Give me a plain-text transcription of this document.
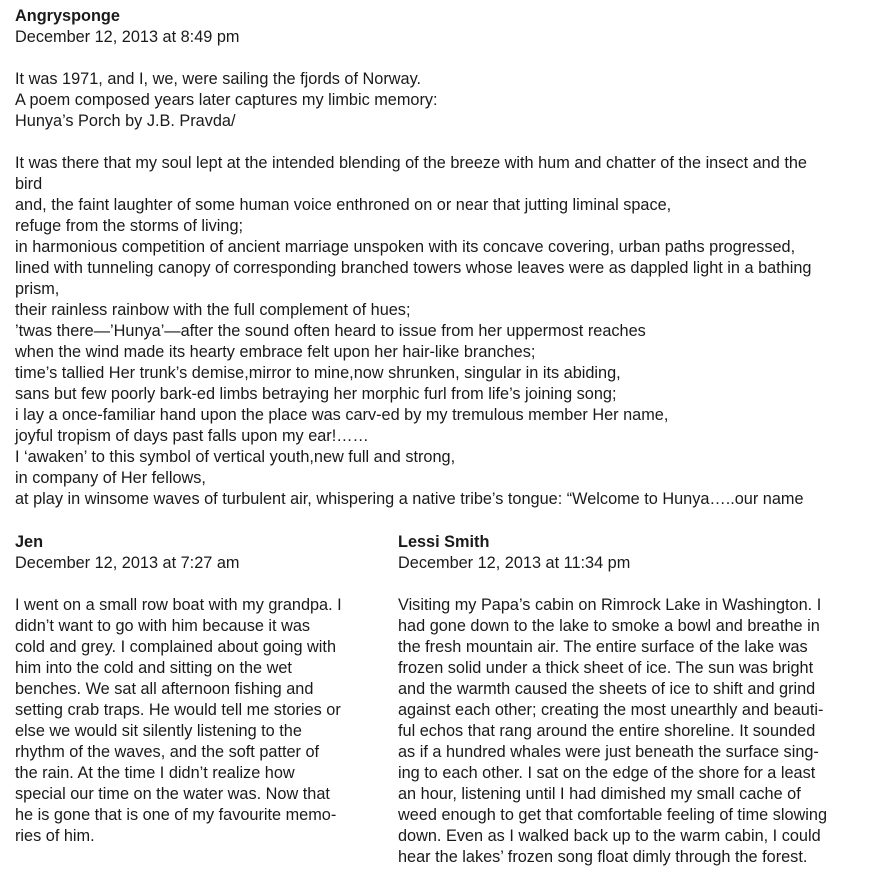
Angrysponge
December 12, 2013 at 8:49 pm
It was 1971, and I, we, were sailing the fjords of Norway.
A poem composed years later captures my limbic memory:
Hunya’s Porch by J.B. Pravda/
It was there that my soul lept at the intended blending of the breeze with hum and chatter of the insect and the
bird
and, the faint laughter of some human voice enthroned on or near that jutting liminal space,
refuge from the storms of living;
in harmonious competition of ancient marriage unspoken with its concave covering, urban paths progressed,
lined with tunneling canopy of corresponding branched towers whose leaves were as dappled light in a bathing
prism,
their rainless rainbow with the full complement of hues;
’twas there—’Hunya’—after the sound often heard to issue from her uppermost reaches
when the wind made its hearty embrace felt upon her hair-like branches;
time’s tallied Her trunk’s demise,mirror to mine,now shrunken, singular in its abiding,
sans but few poorly bark-ed limbs betraying her morphic furl from life’s joining song;
i lay a once-familiar hand upon the place was carv-ed by my tremulous member Her name,
joyful tropism of days past falls upon my ear!……
I ‘awaken’ to this symbol of vertical youth,new full and strong,
in company of Her fellows,
at play in winsome waves of turbulent air, whispering a native tribe’s tongue: “Welcome to Hunya…..our name
Jen
December 12, 2013 at 7:27 am
I went on a small row boat with my grandpa. I
didn’t want to go with him because it was
cold and grey. I complained about going with
him into the cold and sitting on the wet
benches. We sat all afternoon fishing and
setting crab traps. He would tell me stories or
else we would sit silently listening to the
rhythm of the waves, and the soft patter of
the rain. At the time I didn’t realize how
special our time on the water was. Now that
he is gone that is one of my favourite memo-
ries of him.
Lessi Smith
December 12, 2013 at 11:34 pm
Visiting my Papa’s cabin on Rimrock Lake in Washington. I
had gone down to the lake to smoke a bowl and breathe in
the fresh mountain air. The entire surface of the lake was
frozen solid under a thick sheet of ice. The sun was bright
and the warmth caused the sheets of ice to shift and grind
against each other; creating the most unearthly and beauti-
ful echos that rang around the entire shoreline. It sounded
as if a hundred whales were just beneath the surface sing-
ing to each other. I sat on the edge of the shore for a least
an hour, listening until I had dimished my small cache of
weed enough to get that comfortable feeling of time slowing
down. Even as I walked back up to the warm cabin, I could
hear the lakes’ frozen song float dimly through the forest.
